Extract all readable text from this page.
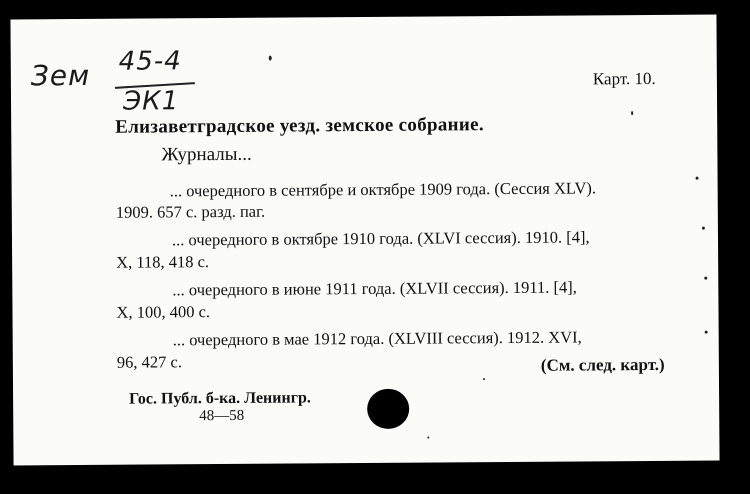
Зем 45-4
ЭК1
Карт. 10.
Елизаветградское уезд. земское собрание.
Журналы...
... очередного в сентябре и октябре 1909 года. (Сессия XLV).
1909. 657 с. разд. паг.
... очередного в октябре 1910 года. (XLVI сессия). 1910. [4],
X, 118, 418 с.
... очередного в июне 1911 года. (XLVII сессия). 1911. [4],
X, 100, 400 с.
... очередного в мае 1912 года. (XLVIII сессия). 1912. XVI,
96, 427 с.	(См. след. карт.)
Гос. Публ. б-ка. Ленингр.
48—58
